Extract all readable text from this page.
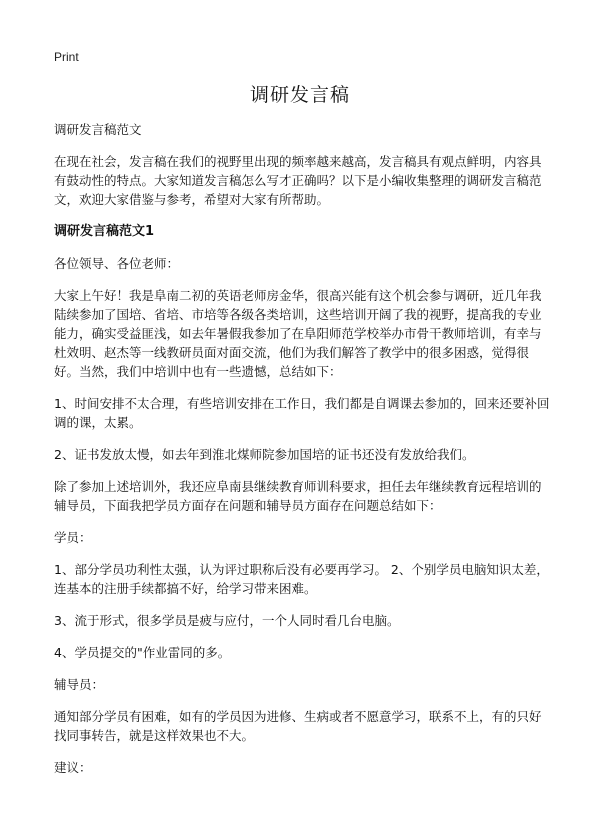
Print
调研发言稿

调研发言稿范文

在现在社会，发言稿在我们的视野里出现的频率越来越高，发言稿具有观点鲜明，内容具有鼓动性的特点。大家知道发言稿怎么写才正确吗？以下是小编收集整理的调研发言稿范文，欢迎大家借鉴与参考，希望对大家有所帮助。

调研发言稿范文1

各位领导、各位老师：

大家上午好！我是阜南二初的英语老师房金华，很高兴能有这个机会参与调研，近几年我陆续参加了国培、省培、市培等各级各类培训，这些培训开阔了我的视野，提高我的专业能力，确实受益匪浅，如去年暑假我参加了在阜阳师范学校举办市骨干教师培训，有幸与杜效明、赵杰等一线教研员面对面交流，他们为我们解答了教学中的很多困惑，觉得很好。当然，我们中培训中也有一些遗憾，总结如下：

1、时间安排不太合理，有些培训安排在工作日，我们都是自调课去参加的，回来还要补回调的课，太累。

2、证书发放太慢，如去年到淮北煤师院参加国培的证书还没有发放给我们。

除了参加上述培训外，我还应阜南县继续教育师训科要求，担任去年继续教育远程培训的辅导员，下面我把学员方面存在问题和辅导员方面存在问题总结如下：

学员：

1、部分学员功利性太强，认为评过职称后没有必要再学习。 2、个别学员电脑知识太差，连基本的注册手续都搞不好，给学习带来困难。

3、流于形式，很多学员是疲与应付，一个人同时看几台电脑。

4、学员提交的"作业雷同的多。

辅导员：

通知部分学员有困难，如有的学员因为进修、生病或者不愿意学习，联系不上，有的只好找同事转告，就是这样效果也不大。

建议：
